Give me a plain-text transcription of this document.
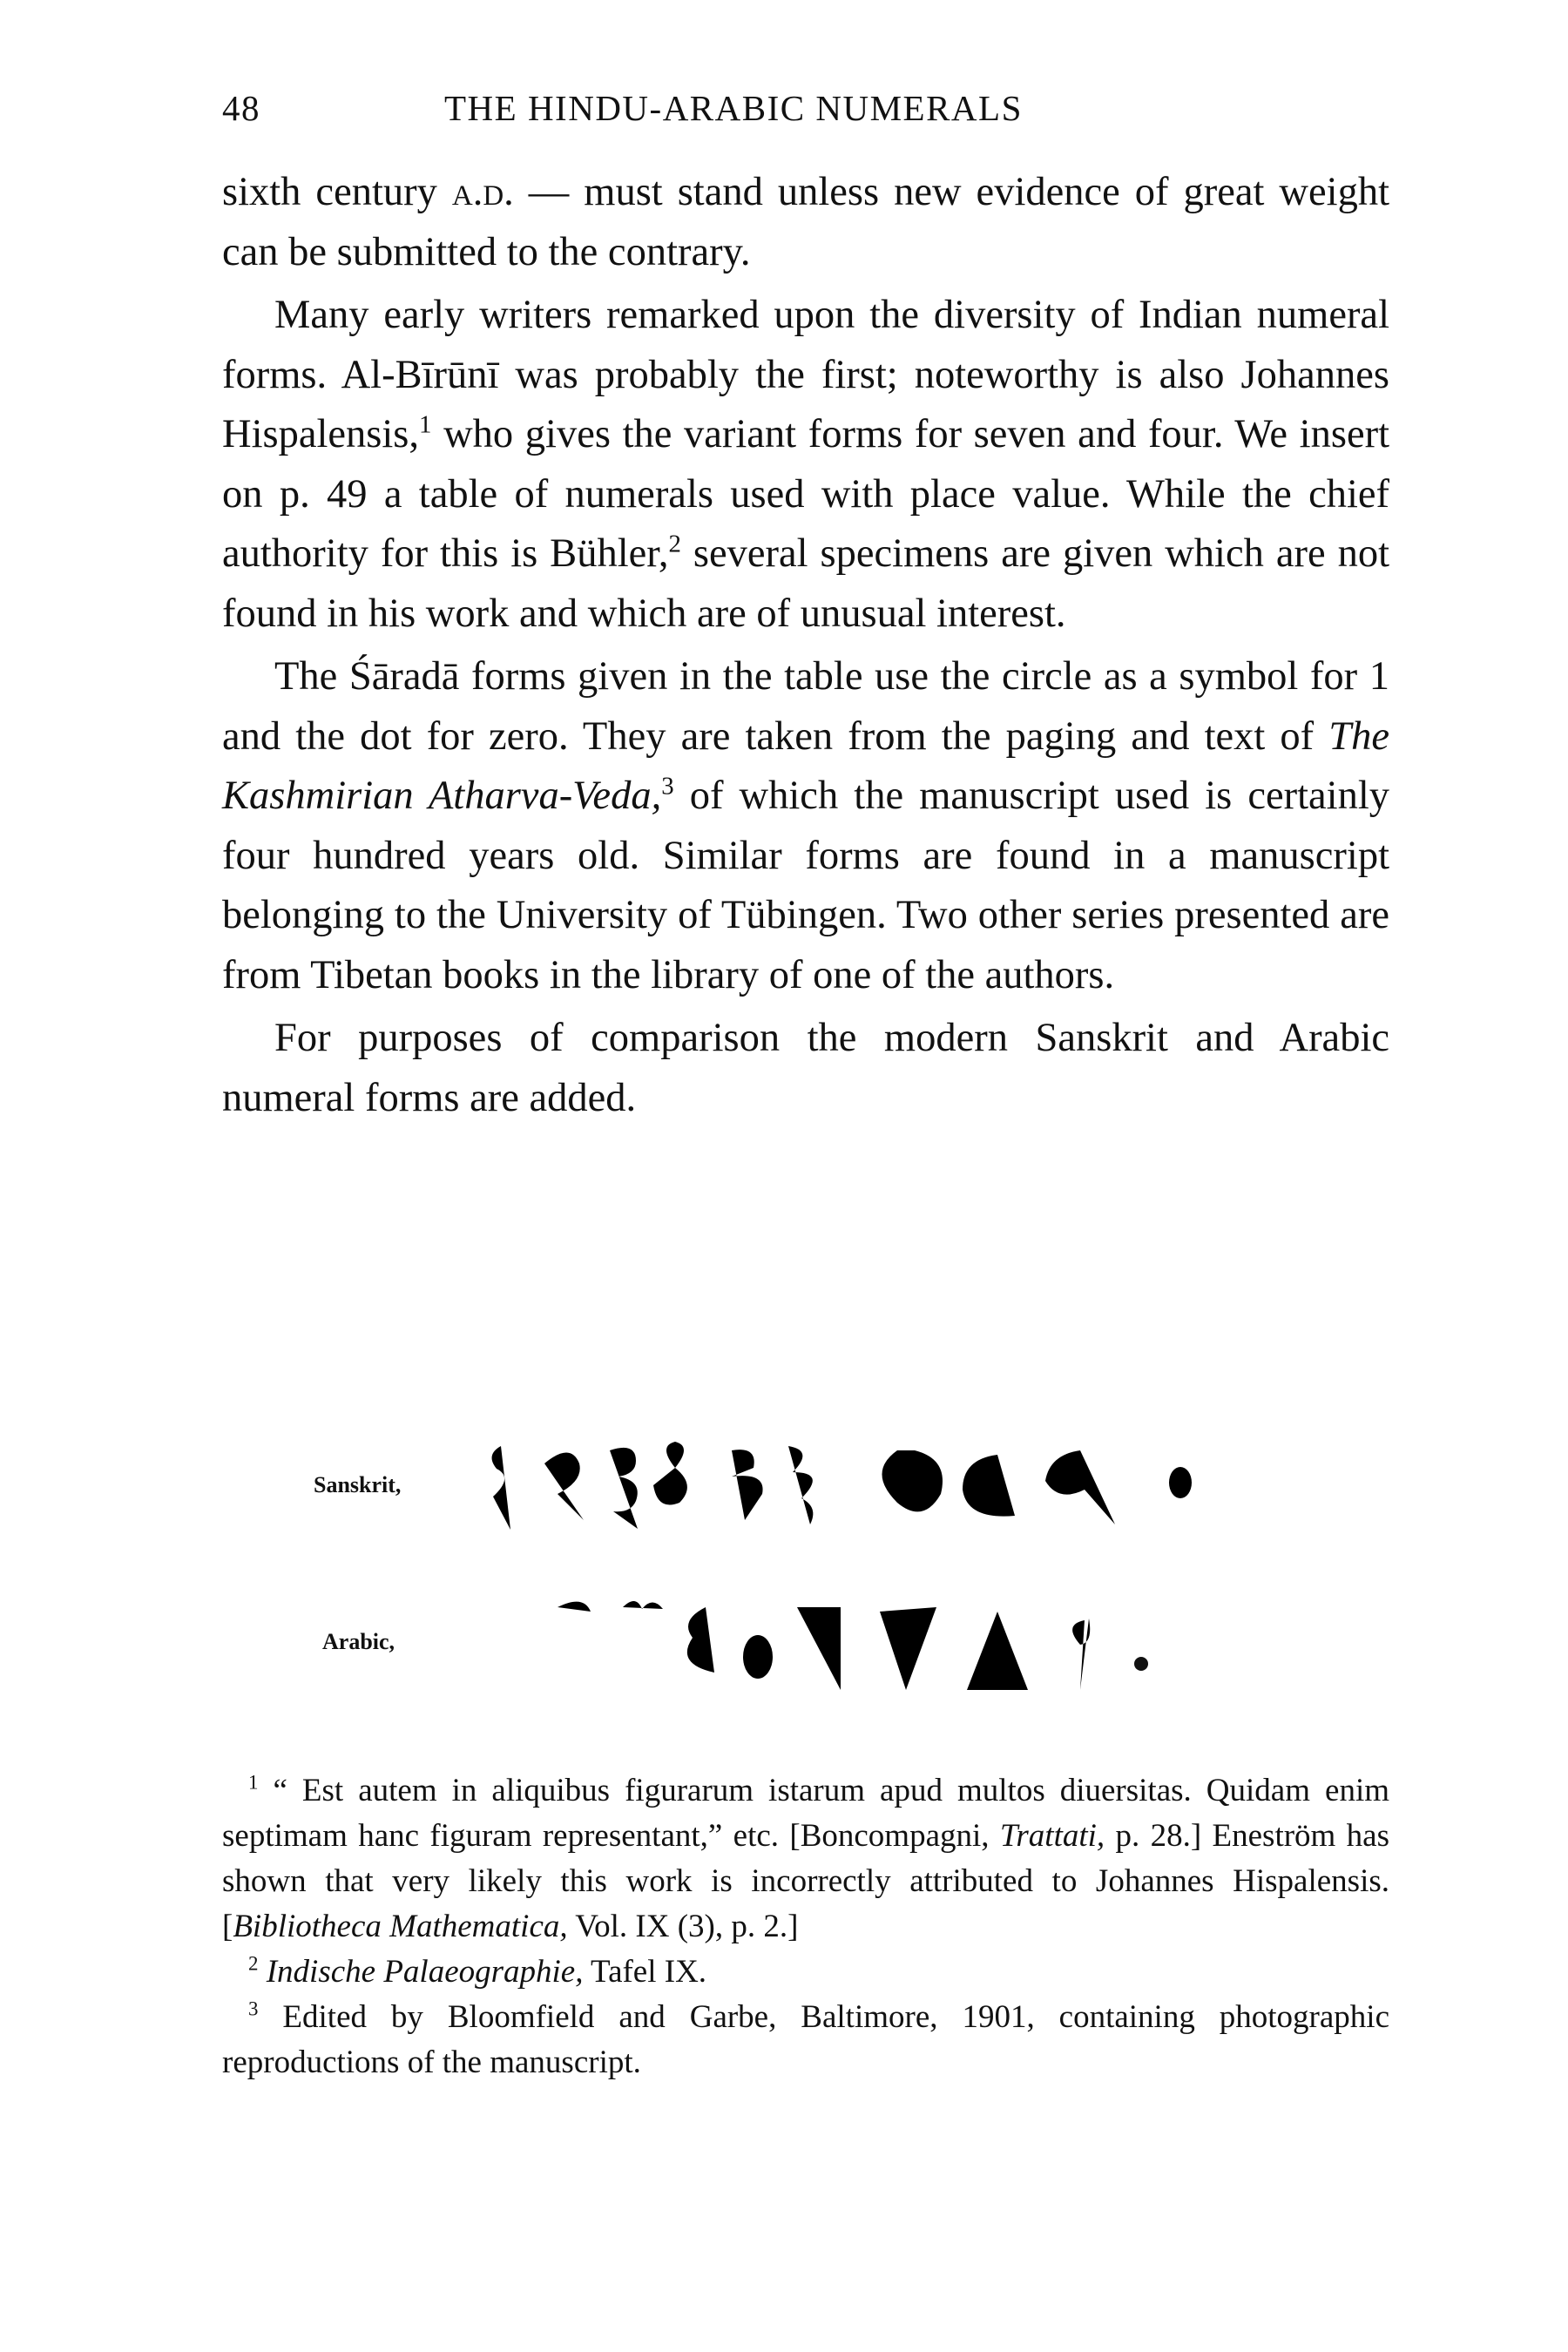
48	THE HINDU-ARABIC NUMERALS

sixth century a.d. — must stand unless new evidence of great weight can be submitted to the contrary.

Many early writers remarked upon the diversity of Indian numeral forms. Al-Bīrūnī was probably the first; noteworthy is also Johannes Hispalensis,$^1$ who gives the variant forms for seven and four. We insert on p. 49 a table of numerals used with place value. While the chief authority for this is Bühler,$^2$ several specimens are given which are not found in his work and which are of unusual interest.

The Śāradā forms given in the table use the circle as a symbol for 1 and the dot for zero. They are taken from the paging and text of The Kashmirian Atharva-Veda,$^3$ of which the manuscript used is certainly four hundred years old. Similar forms are found in a manuscript belonging to the University of Tübingen. Two other series presented are from Tibetan books in the library of one of the authors.

For purposes of comparison the modern Sanskrit and Arabic numeral forms are added.

Sanskrit,
Arabic,

$^1$ “ Est autem in aliquibus figurarum istarum apud multos diuersitas. Quidam enim septimam hanc figuram representant,” etc. [Boncompagni, Trattati, p. 28.] Eneström has shown that very likely this work is incorrectly attributed to Johannes Hispalensis. [Bibliotheca Mathematica, Vol. IX (3), p. 2.]

$^2$ Indische Palaeographie, Tafel IX.

$^3$ Edited by Bloomfield and Garbe, Baltimore, 1901, containing photographic reproductions of the manuscript.
